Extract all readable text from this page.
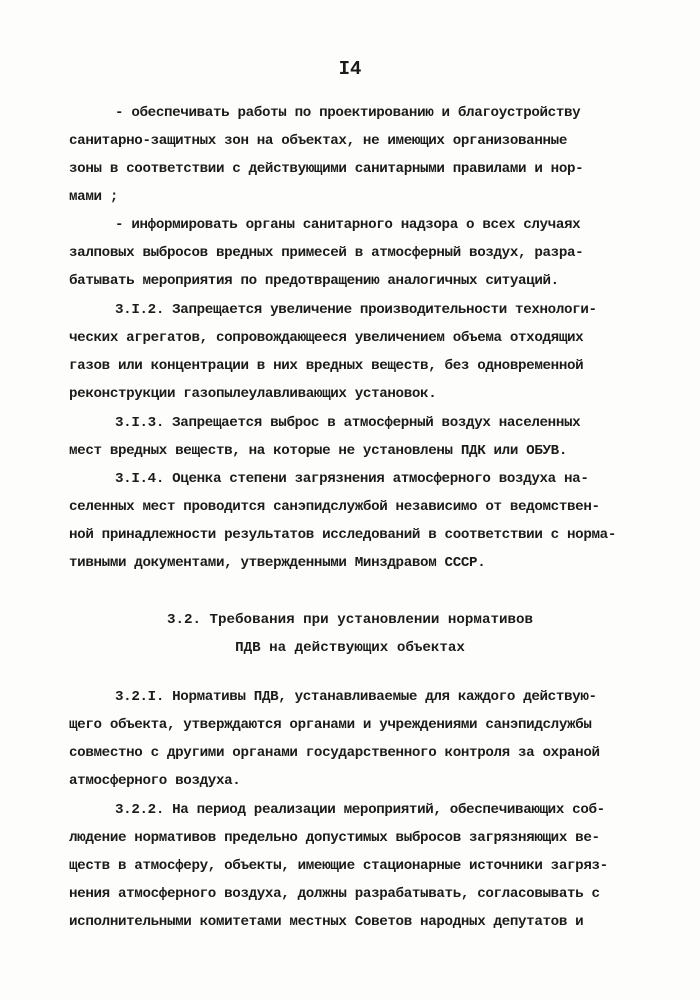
I4
- обеспечивать работы по проектированию и благоустройству
санитарно-защитных зон на объектах, не имеющих организованные
зоны в соответствии с действующими санитарными правилами и нор-
мами ;
- информировать органы санитарного надзора о всех случаях
залповых выбросов вредных примесей в атмосферный воздух, разра-
батывать мероприятия по предотвращению аналогичных ситуаций.
3.I.2. Запрещается увеличение производительности технологи-
ческих агрегатов, сопровождающееся увеличением объема отходящих
газов или концентрации в них вредных веществ, без одновременной
реконструкции газопылеулавливающих установок.
3.I.3. Запрещается выброс в атмосферный воздух населенных
мест вредных веществ, на которые не установлены ПДК или ОБУВ.
3.I.4. Оценка степени загрязнения атмосферного воздуха на-
селенных мест проводится санэпидслужбой независимо от ведомствен-
ной принадлежности результатов исследований в соответствии с норма-
тивными документами, утвержденными Минздравом СССР.
3.2. Требования при установлении нормативов
ПДВ на действующих объектах
3.2.I. Нормативы ПДВ, устанавливаемые для каждого действую-
щего объекта, утверждаются органами и учреждениями санэпидслужбы
совместно с другими органами государственного контроля за охраной
атмосферного воздуха.
3.2.2. На период реализации мероприятий, обеспечивающих соб-
людение нормативов предельно допустимых выбросов загрязняющих ве-
ществ в атмосферу, объекты, имеющие стационарные источники загряз-
нения атмосферного воздуха, должны разрабатывать, согласовывать с
исполнительными комитетами местных Советов народных депутатов и
